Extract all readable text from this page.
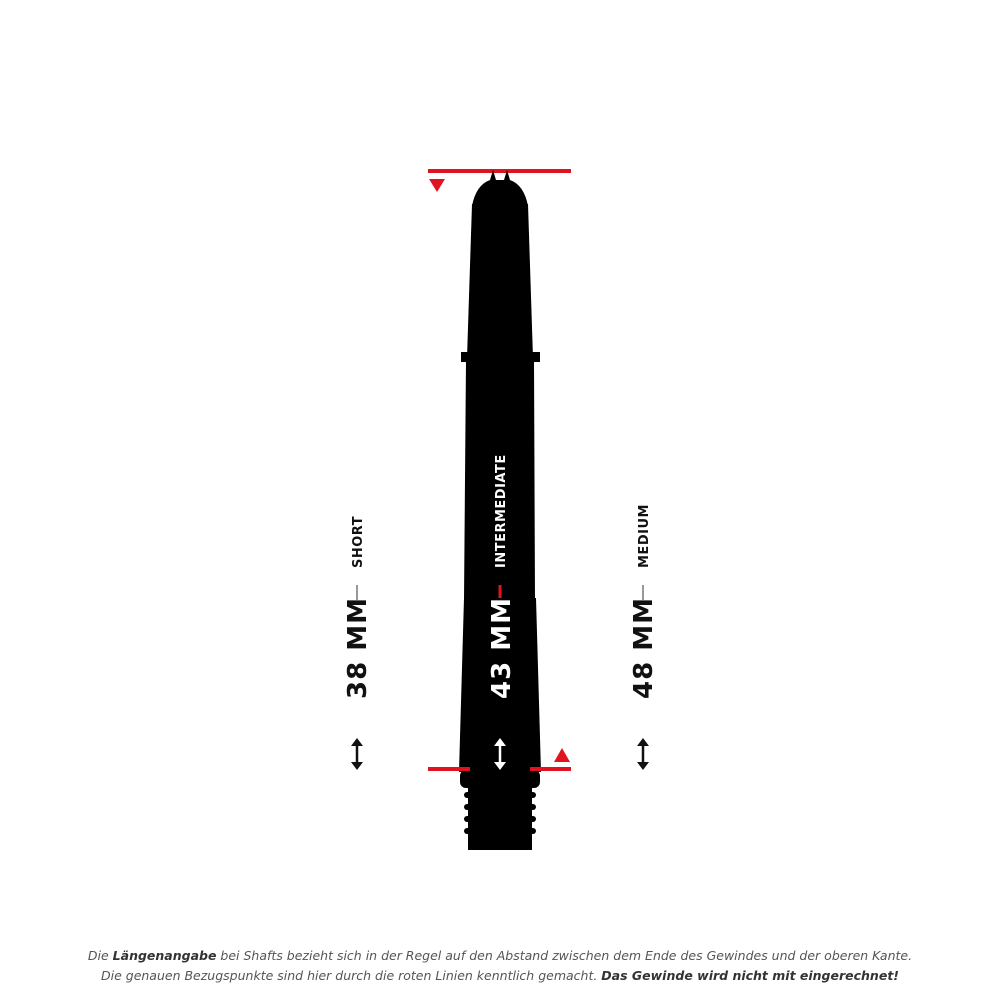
SHORT
38 MM
INTERMEDIATE
43 MM
MEDIUM
48 MM
Die Längenangabe bei Shafts bezieht sich in der Regel auf den Abstand zwischen dem Ende des Gewindes und der oberen Kante.
Die genauen Bezugspunkte sind hier durch die roten Linien kenntlich gemacht. Das Gewinde wird nicht mit eingerechnet!
